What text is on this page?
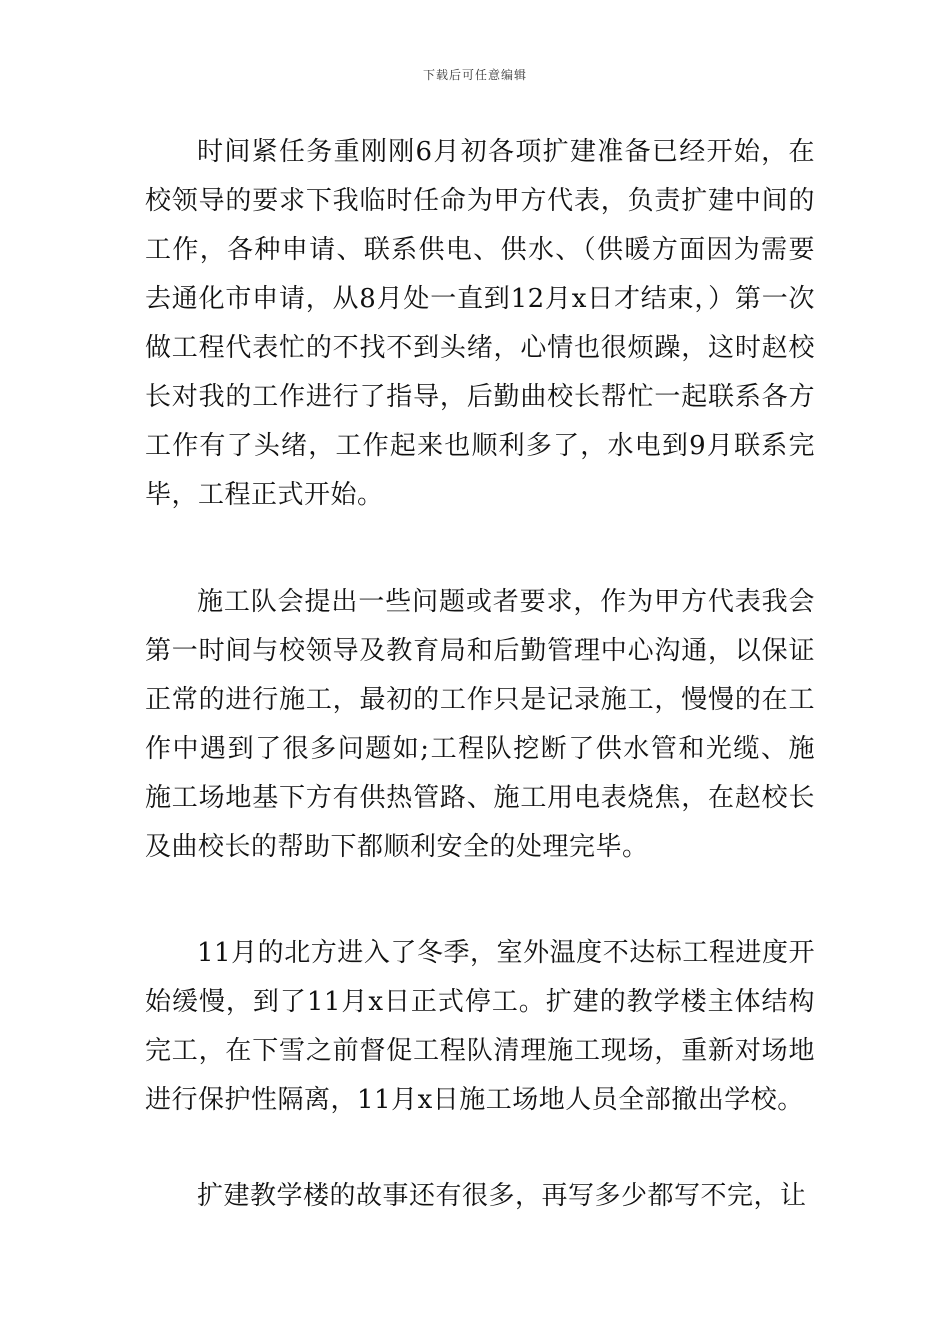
下载后可任意编辑

时间紧任务重刚刚6月初各项扩建准备已经开始，在校领导的要求下我临时任命为甲方代表，负责扩建中间的工作，各种申请、联系供电、供水、（供暖方面因为需要去通化市申请，从8月处一直到12月x日才结束，）第一次做工程代表忙的不找不到头绪，心情也很烦躁，这时赵校长对我的工作进行了指导，后勤曲校长帮忙一起联系各方工作有了头绪，工作起来也顺利多了，水电到9月联系完毕，工程正式开始。

施工队会提出一些问题或者要求，作为甲方代表我会第一时间与校领导及教育局和后勤管理中心沟通，以保证正常的进行施工，最初的工作只是记录施工，慢慢的在工作中遇到了很多问题如;工程队挖断了供水管和光缆、施施工场地基下方有供热管路、施工用电表烧焦，在赵校长及曲校长的帮助下都顺利安全的处理完毕。

11月的北方进入了冬季，室外温度不达标工程进度开始缓慢，到了11月x日正式停工。扩建的教学楼主体结构完工，在下雪之前督促工程队清理施工现场，重新对场地进行保护性隔离，11月x日施工场地人员全部撤出学校。

扩建教学楼的故事还有很多，再写多少都写不完，让
